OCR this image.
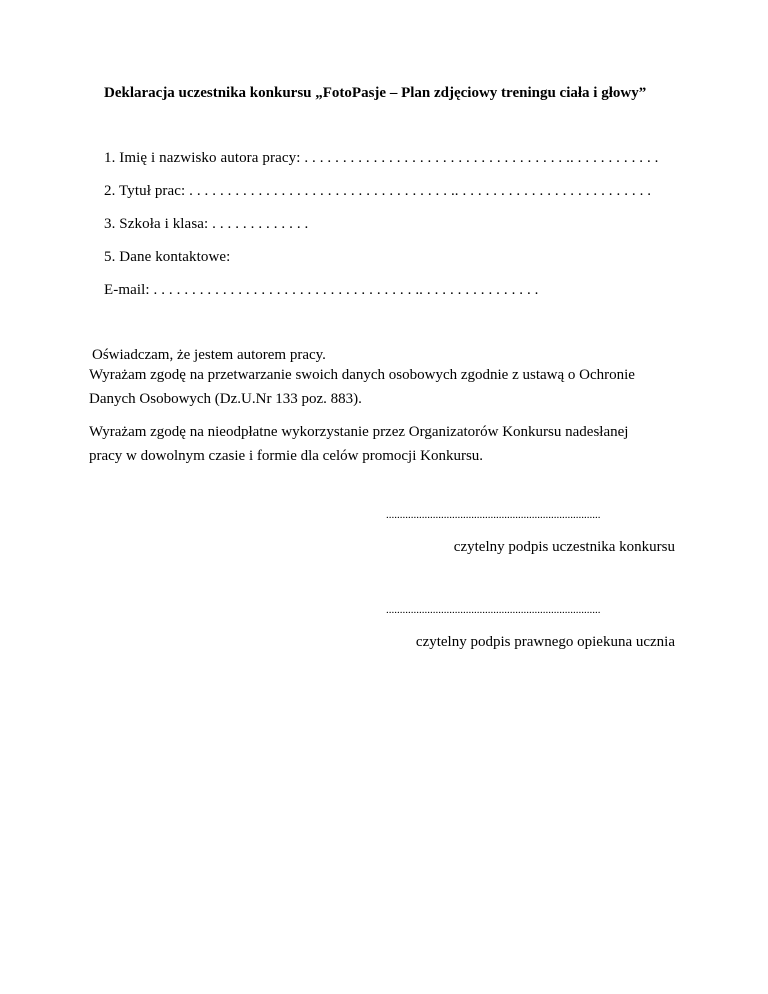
Deklaracja uczestnika konkursu „FotoPasje – Plan zdjęciowy treningu ciała i głowy”
1. Imię i nazwisko autora pracy: . . . . . . . . . . . . . . . . . . . . . . . . . . . . . . . . . . .. . . . . . . . . . . .
2. Tytuł prac: . . . . . . . . . . . . . . . . . . . . . . . . . . . . . . . . . . .. . . . . . . . . . . . . . . . . . . . . . . . . .
3. Szkoła i klasa: . . . . . . . . . . . . .
5. Dane kontaktowe:
E-mail: . . . . . . . . . . . . . . . . . . . . . . . . . . . . . . . . . . .. . . . . . . . . . . . . . . .
Oświadczam, że jestem autorem pracy.
Wyrażam zgodę na przetwarzanie swoich danych osobowych zgodnie z ustawą o Ochronie
Danych Osobowych (Dz.U.Nr 133 poz. 883).
Wyrażam zgodę na nieodpłatne wykorzystanie przez Organizatorów Konkursu nadesłanej
pracy w dowolnym czasie i formie dla celów promocji Konkursu.
..............................................................................
czytelny podpis uczestnika konkursu
..............................................................................
czytelny podpis prawnego opiekuna ucznia
